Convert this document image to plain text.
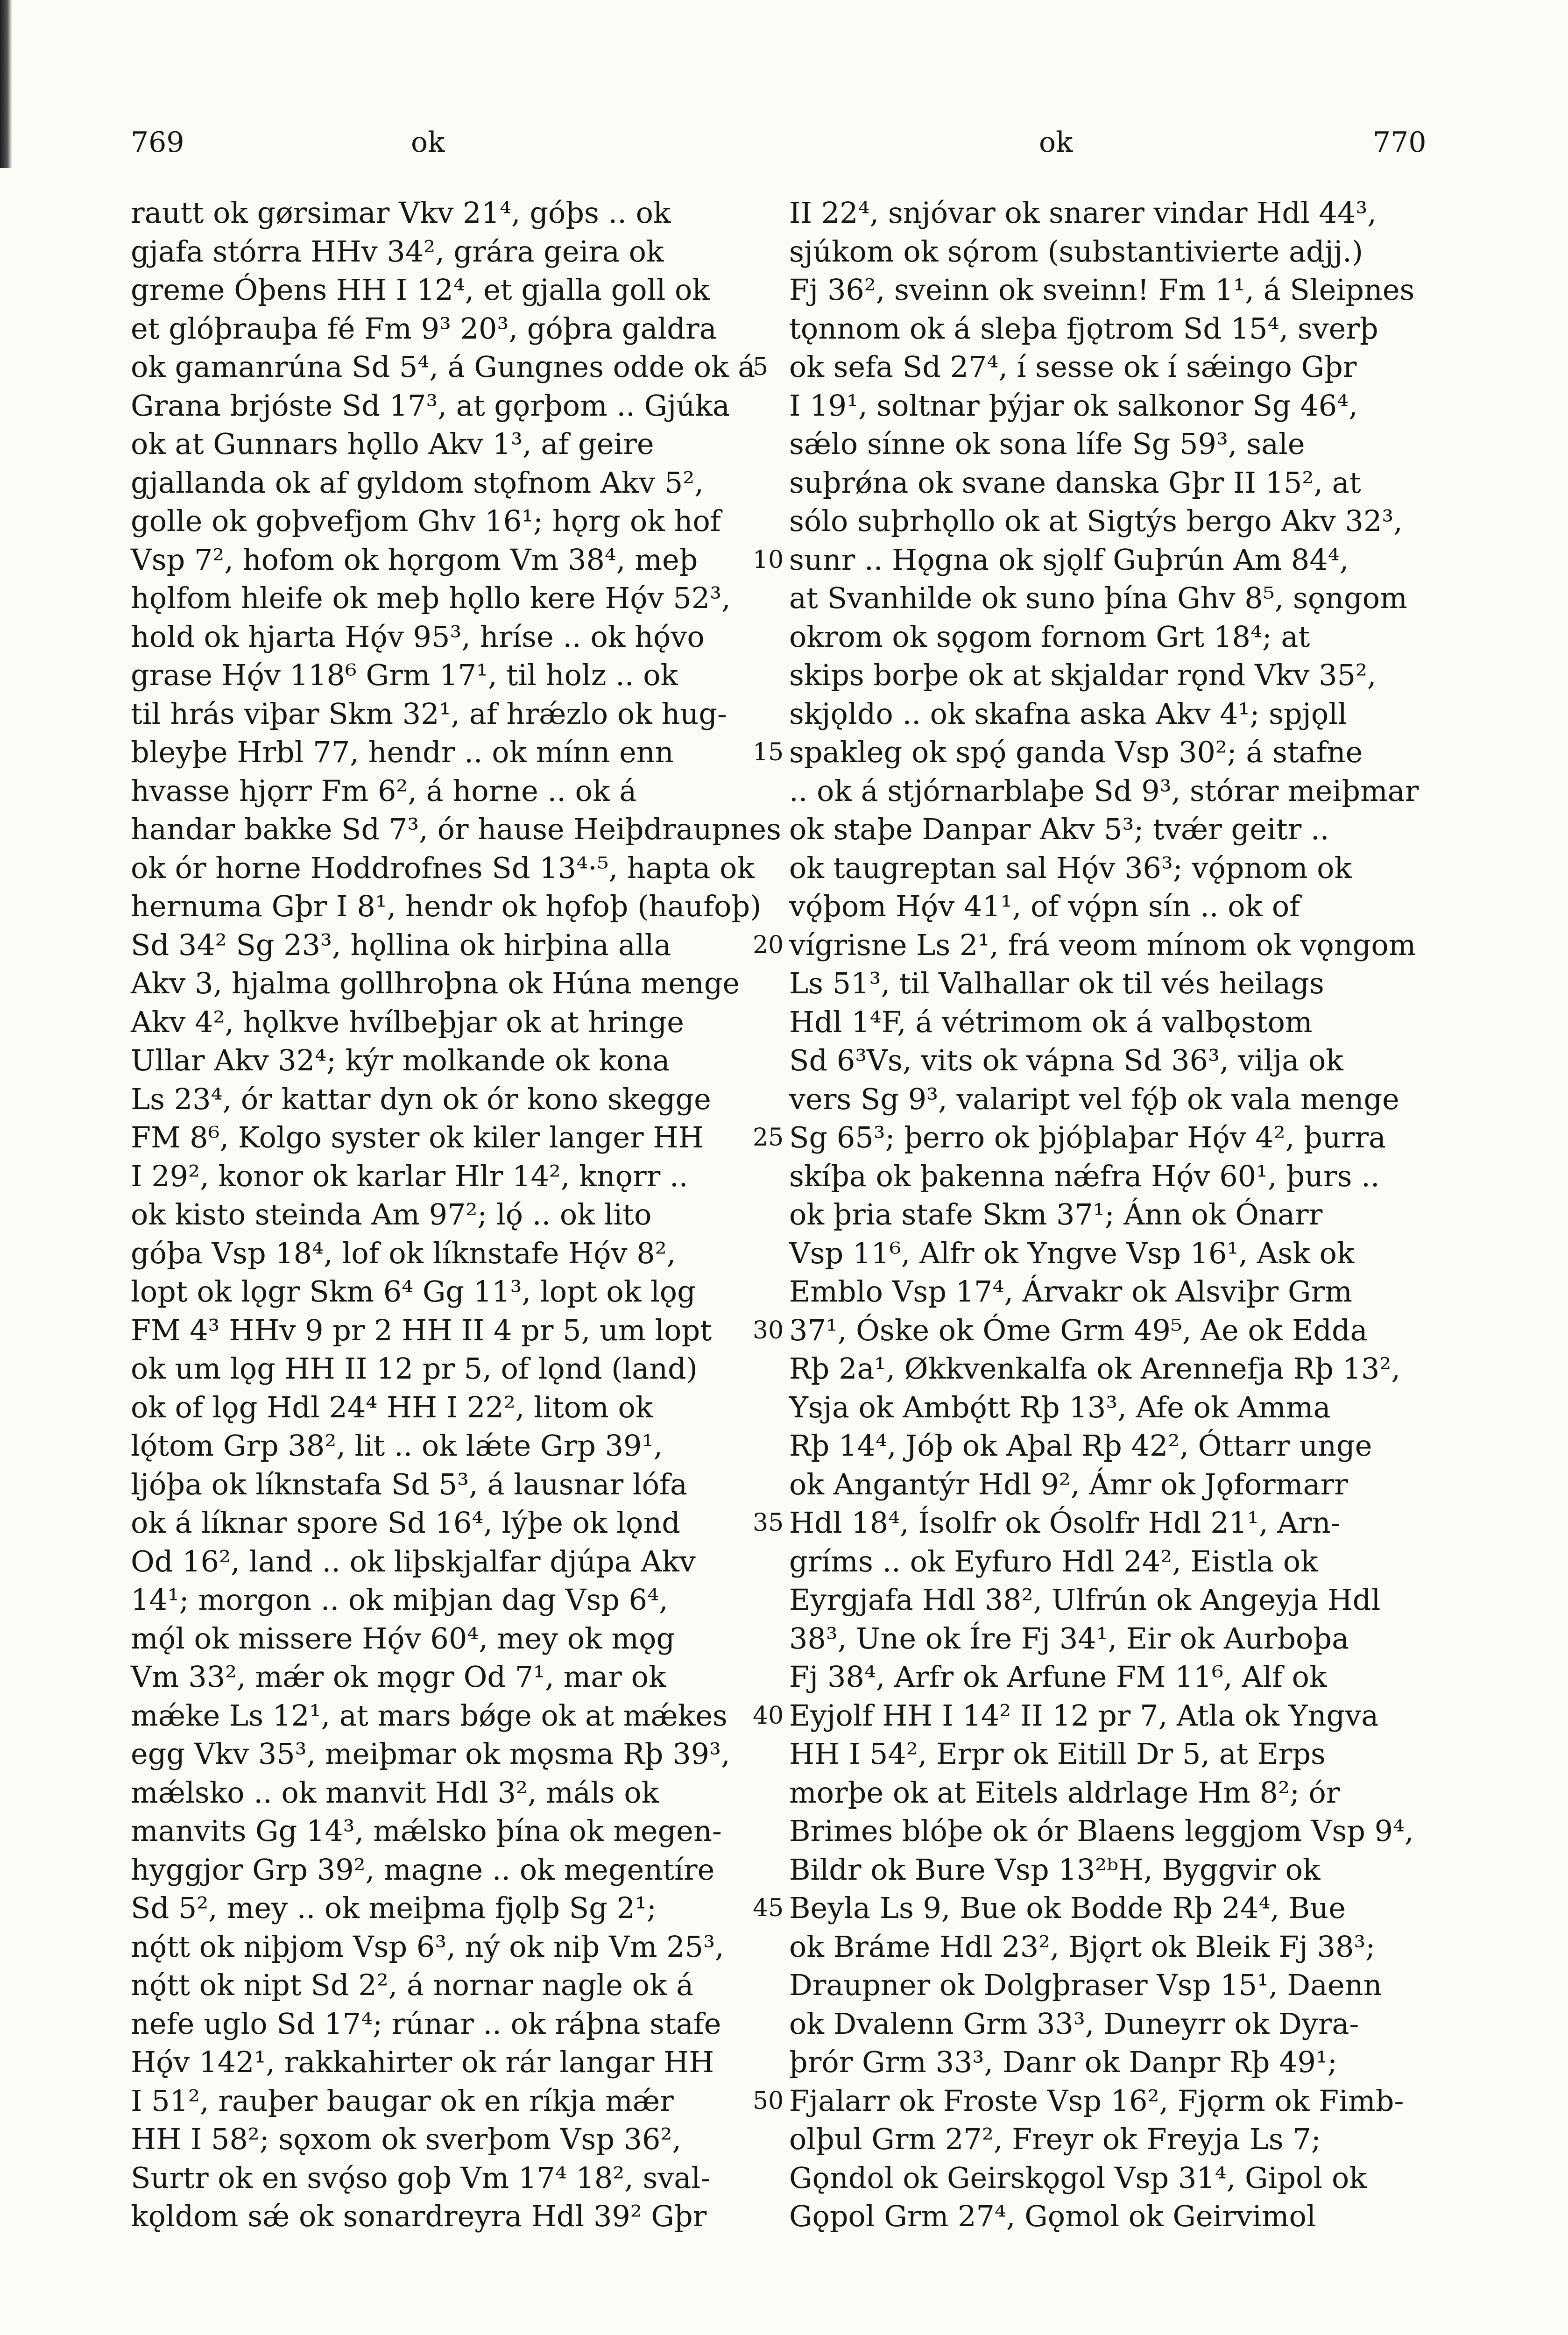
769	ok	ok	770
rautt ok gørsimar Vkv 21⁴, góþs .. ok
gjafa stórra HHv 34², grára geira ok
greme Óþens HH I 12⁴, et gjalla goll ok
et glóþrauþa fé Fm 9³ 20³, góþra galdra
ok gamanrúna Sd 5⁴, á Gungnes odde ok á
Grana brjóste Sd 17³, at gǫrþom .. Gjúka
ok at Gunnars hǫllo Akv 1³, af geire
gjallanda ok af gyldom stǫfnom Akv 5²,
golle ok goþvefjom Ghv 16¹; hǫrg ok hof
Vsp 7², hofom ok hǫrgom Vm 38⁴, meþ
hǫlfom hleife ok meþ hǫllo kere Hǫ́v 52³,
hold ok hjarta Hǫ́v 95³, hríse .. ok hǫ́vo
grase Hǫ́v 118⁶ Grm 17¹, til holz .. ok
til hrás viþar Skm 32¹, af hrǽzlo ok hug-
bleyþe Hrbl 77, hendr .. ok mínn enn
hvasse hjǫrr Fm 6², á horne .. ok á
handar bakke Sd 7³, ór hause Heiþdraupnes
ok ór horne Hoddrofnes Sd 13⁴·⁵, hapta ok
hernuma Gþr I 8¹, hendr ok hǫfoþ (haufoþ)
Sd 34² Sg 23³, hǫllina ok hirþina alla
Akv 3, hjalma gollhroþna ok Húna menge
Akv 4², hǫlkve hvílbeþjar ok at hringe
Ullar Akv 32⁴; kýr molkande ok kona
Ls 23⁴, ór kattar dyn ok ór kono skegge
FM 8⁶, Kolgo syster ok kiler langer HH
I 29², konor ok karlar Hlr 14², knǫrr ..
ok kisto steinda Am 97²; lǫ́ .. ok lito
góþa Vsp 18⁴, lof ok líknstafe Hǫ́v 8²,
lopt ok lǫgr Skm 6⁴ Gg 11³, lopt ok lǫg
FM 4³ HHv 9 pr 2 HH II 4 pr 5, um lopt
ok um lǫg HH II 12 pr 5, of lǫnd (land)
ok of lǫg Hdl 24⁴ HH I 22², litom ok
lǫ́tom Grp 38², lit .. ok lǽte Grp 39¹,
ljóþa ok líknstafa Sd 5³, á lausnar lófa
ok á líknar spore Sd 16⁴, lýþe ok lǫnd
Od 16², land .. ok liþskjalfar djúpa Akv
14¹; morgon .. ok miþjan dag Vsp 6⁴,
mǫ́l ok missere Hǫ́v 60⁴, mey ok mǫg
Vm 33², mǽr ok mǫgr Od 7¹, mar ok
mǽke Ls 12¹, at mars bǿge ok at mǽkes
egg Vkv 35³, meiþmar ok mǫsma Rþ 39³,
mǽlsko .. ok manvit Hdl 3², máls ok
manvits Gg 14³, mǽlsko þína ok megen-
hyggjor Grp 39², magne .. ok megentíre
Sd 5², mey .. ok meiþma fjǫlþ Sg 2¹;
nǫ́tt ok niþjom Vsp 6³, ný ok niþ Vm 25³,
nǫ́tt ok nipt Sd 2², á nornar nagle ok á
nefe uglo Sd 17⁴; rúnar .. ok ráþna stafe
Hǫ́v 142¹, rakkahirter ok rár langar HH
I 51², rauþer baugar ok en ríkja mǽr
HH I 58²; sǫxom ok sverþom Vsp 36²,
Surtr ok en svǫ́so goþ Vm 17⁴ 18², sval-
kǫldom sǽ ok sonardreyra Hdl 39² Gþr
5
10
15
20
25
30
35
40
45
50
II 22⁴, snjóvar ok snarer vindar Hdl 44³,
sjúkom ok sǫ́rom (substantivierte adjj.)
Fj 36², sveinn ok sveinn! Fm 1¹, á Sleipnes
tǫnnom ok á sleþa fjǫtrom Sd 15⁴, sverþ
ok sefa Sd 27⁴, í sesse ok í sǽingo Gþr
I 19¹, soltnar þýjar ok salkonor Sg 46⁴,
sǽlo sínne ok sona lífe Sg 59³, sale
suþrǿna ok svane danska Gþr II 15², at
sólo suþrhǫllo ok at Sigtýs bergo Akv 32³,
sunr .. Hǫgna ok sjǫlf Guþrún Am 84⁴,
at Svanhilde ok suno þína Ghv 8⁵, sǫngom
okrom ok sǫgom fornom Grt 18⁴; at
skips borþe ok at skjaldar rǫnd Vkv 35²,
skjǫldo .. ok skafna aska Akv 4¹; spjǫll
spakleg ok spǫ́ ganda Vsp 30²; á stafne
.. ok á stjórnarblaþe Sd 9³, stórar meiþmar
ok staþe Danpar Akv 5³; tvǽr geitr ..
ok taugreptan sal Hǫ́v 36³; vǫ́pnom ok
vǫ́þom Hǫ́v 41¹, of vǫ́pn sín .. ok of
vígrisne Ls 2¹, frá veom mínom ok vǫngom
Ls 51³, til Valhallar ok til vés heilags
Hdl 1⁴F, á vétrimom ok á valbǫstom
Sd 6³Vs, vits ok vápna Sd 36³, vilja ok
vers Sg 9³, valaript vel fǫ́þ ok vala menge
Sg 65³; þerro ok þjóþlaþar Hǫ́v 4², þurra
skíþa ok þakenna nǽfra Hǫ́v 60¹, þurs ..
ok þria stafe Skm 37¹; Ánn ok Ónarr
Vsp 11⁶, Alfr ok Yngve Vsp 16¹, Ask ok
Emblo Vsp 17⁴, Árvakr ok Alsviþr Grm
37¹, Óske ok Óme Grm 49⁵, Ae ok Edda
Rþ 2a¹, Økkvenkalfa ok Arennefja Rþ 13²,
Ysja ok Ambǫ́tt Rþ 13³, Afe ok Amma
Rþ 14⁴, Jóþ ok Aþal Rþ 42², Óttarr unge
ok Angantýr Hdl 9², Ámr ok Jǫformarr
Hdl 18⁴, Ísolfr ok Ósolfr Hdl 21¹, Arn-
gríms .. ok Eyfuro Hdl 24², Eistla ok
Eyrgjafa Hdl 38², Ulfrún ok Angeyja Hdl
38³, Une ok Íre Fj 34¹, Eir ok Aurboþa
Fj 38⁴, Arfr ok Arfune FM 11⁶, Alf ok
Eyjolf HH I 14² II 12 pr 7, Atla ok Yngva
HH I 54², Erpr ok Eitill Dr 5, at Erps
morþe ok at Eitels aldrlage Hm 8²; ór
Brimes blóþe ok ór Blaens leggjom Vsp 9⁴,
Bildr ok Bure Vsp 13²ᵇH, Byggvir ok
Beyla Ls 9, Bue ok Bodde Rþ 24⁴, Bue
ok Bráme Hdl 23², Bjǫrt ok Bleik Fj 38³;
Draupner ok Dolgþraser Vsp 15¹, Daenn
ok Dvalenn Grm 33³, Duneyrr ok Dyra-
þrór Grm 33³, Danr ok Danpr Rþ 49¹;
Fjalarr ok Froste Vsp 16², Fjǫrm ok Fimb-
olþul Grm 27², Freyr ok Freyja Ls 7;
Gǫndol ok Geirskǫgol Vsp 31⁴, Gipol ok
Gǫpol Grm 27⁴, Gǫmol ok Geirvimol
